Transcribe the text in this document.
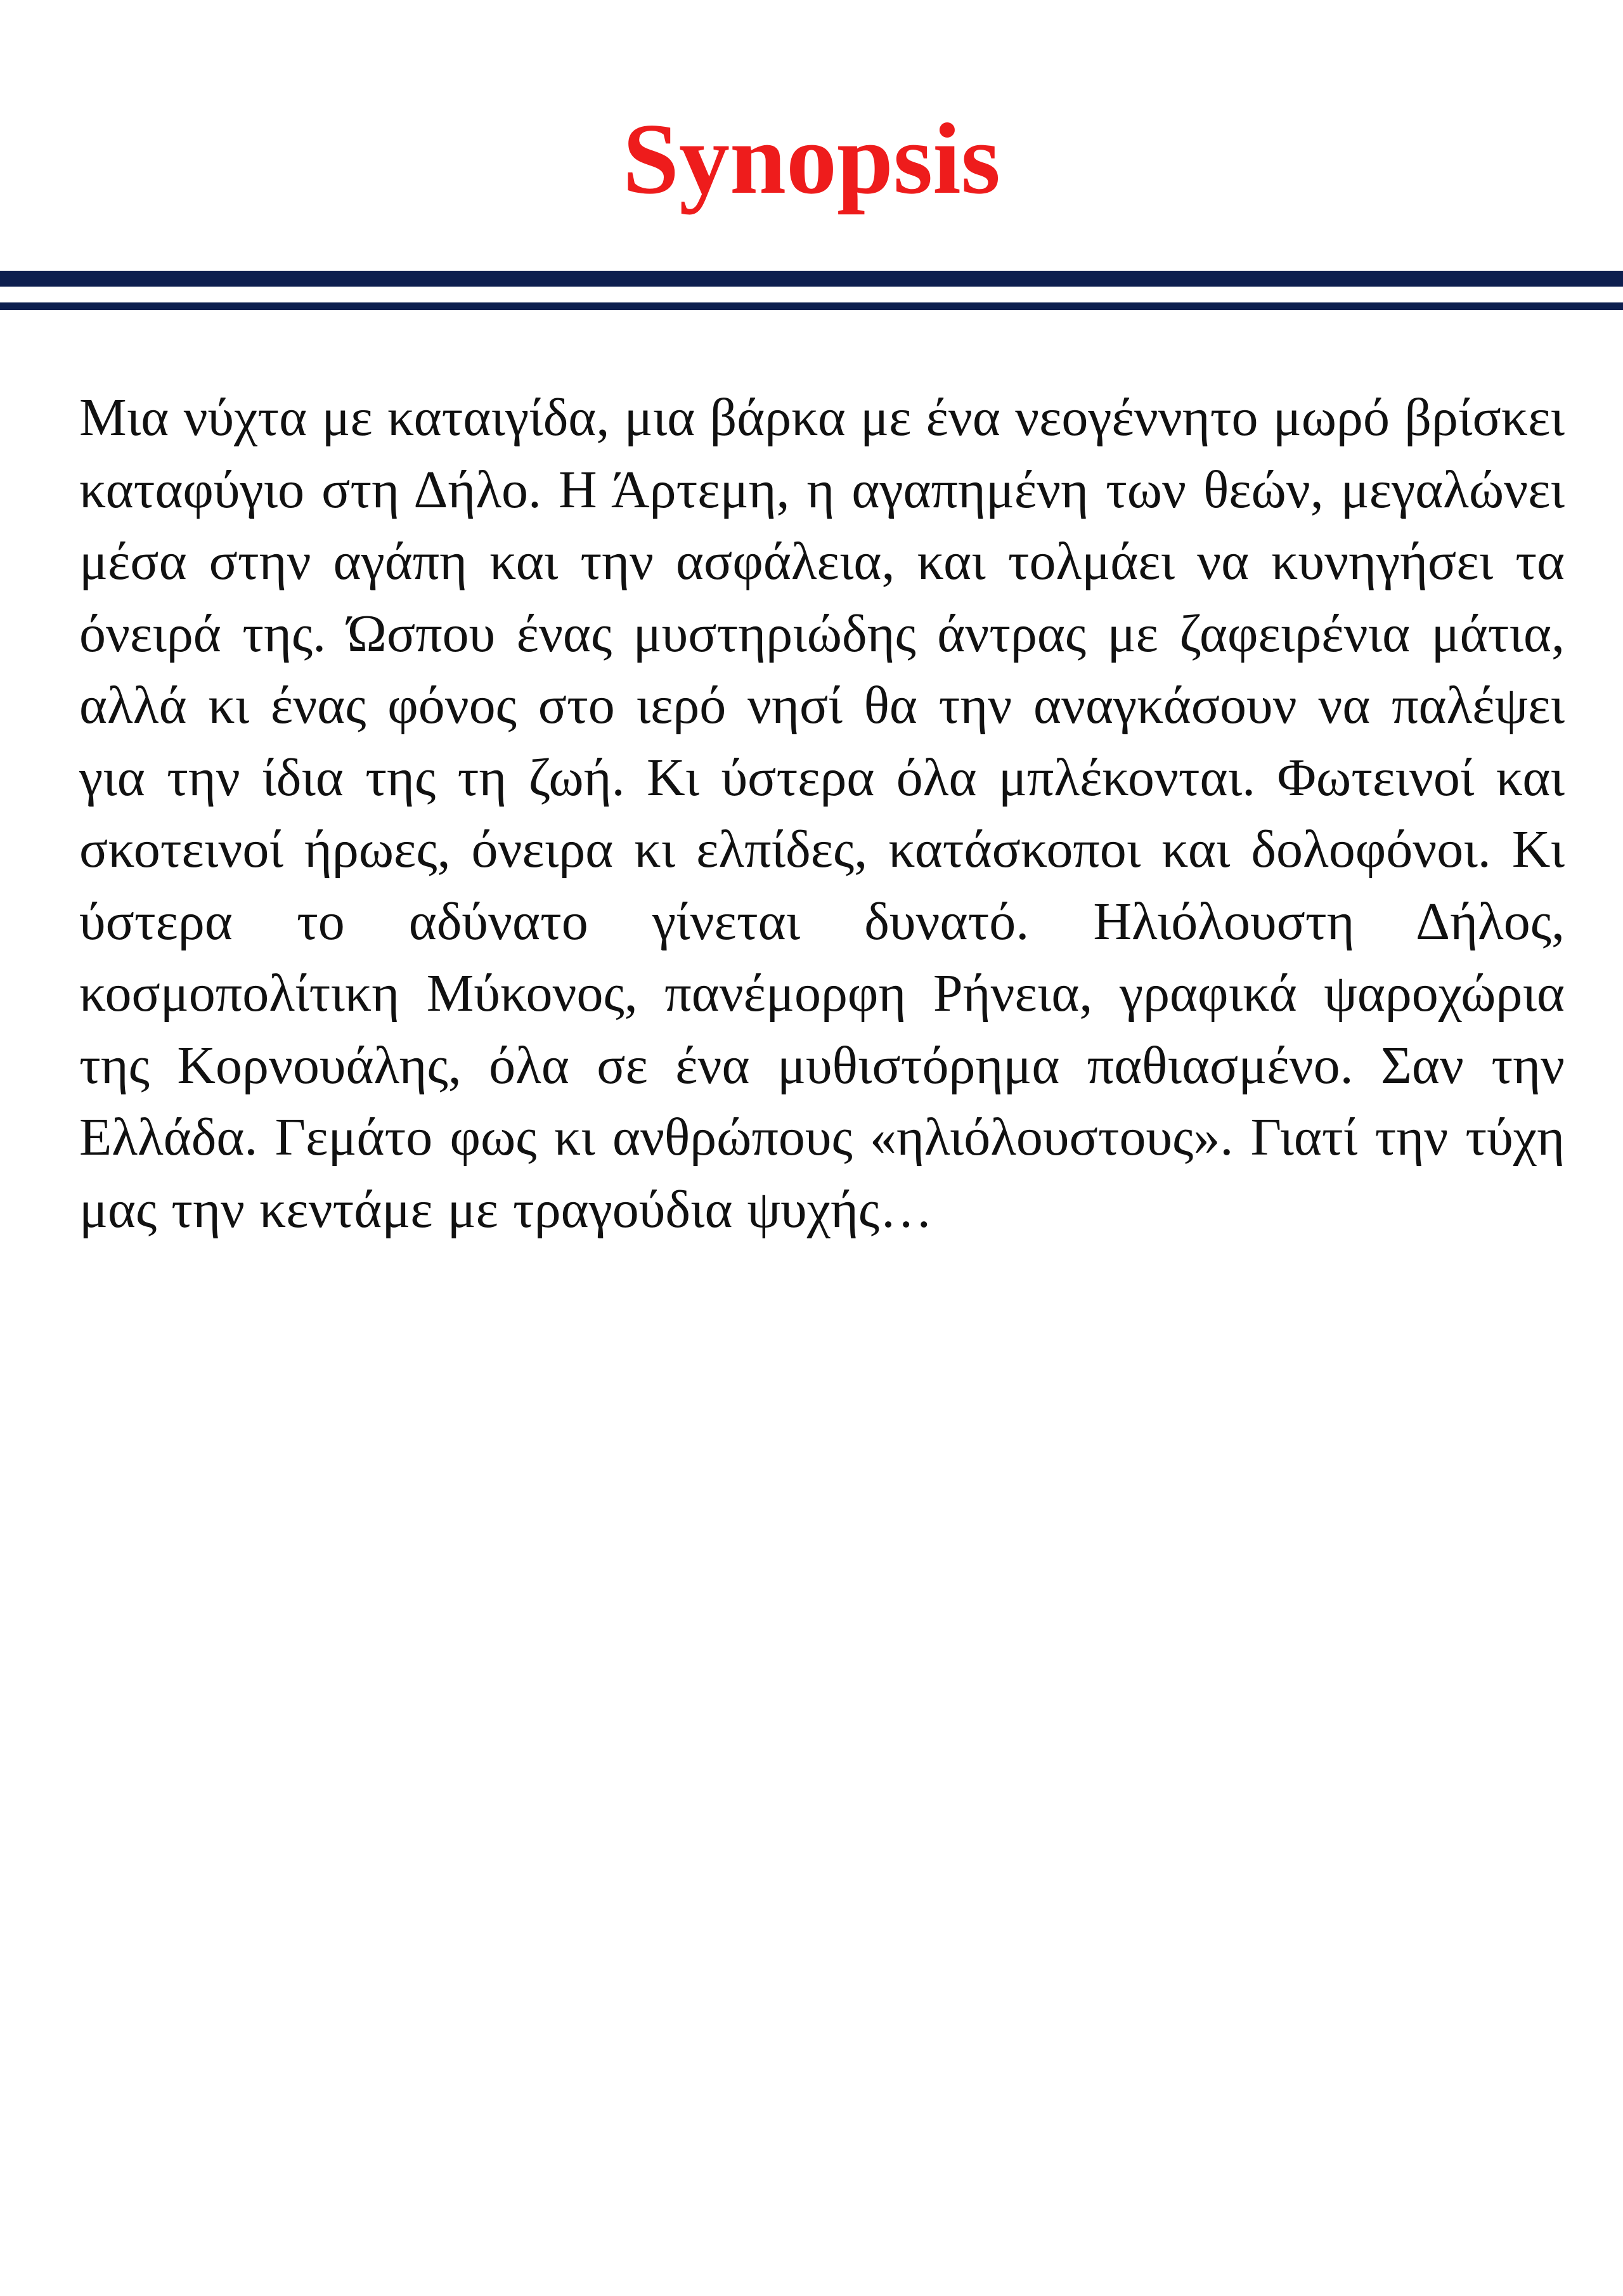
Synopsis

Μια νύχτα με καταιγίδα, μια βάρκα με ένα νεογέννητο μωρό βρίσκει καταφύγιο στη Δήλο. Η Άρτεμη, η αγαπημένη των θεών, μεγαλώνει μέσα στην αγάπη και την ασφάλεια, και τολμάει να κυνηγήσει τα όνειρά της. Ώσπου ένας μυστηριώδης άντρας με ζαφειρένια μάτια, αλλά κι ένας φόνος στο ιερό νησί θα την αναγκάσουν να παλέψει για την ίδια της τη ζωή. Κι ύστερα όλα μπλέκονται. Φωτεινοί και σκοτεινοί ήρωες, όνειρα κι ελπίδες, κατάσκοποι και δολοφόνοι. Κι ύστερα το αδύνατο γίνεται δυνατό. Ηλιόλουστη Δήλος, κοσμοπολίτικη Μύκονος, πανέμορφη Ρήνεια, γραφικά ψαροχώρια της Κορνουάλης, όλα σε ένα μυθιστόρημα παθιασμένο. Σαν την Ελλάδα. Γεμάτο φως κι ανθρώπους «ηλιόλουστους». Γιατί την τύχη μας την κεντάμε με τραγούδια ψυχής…
